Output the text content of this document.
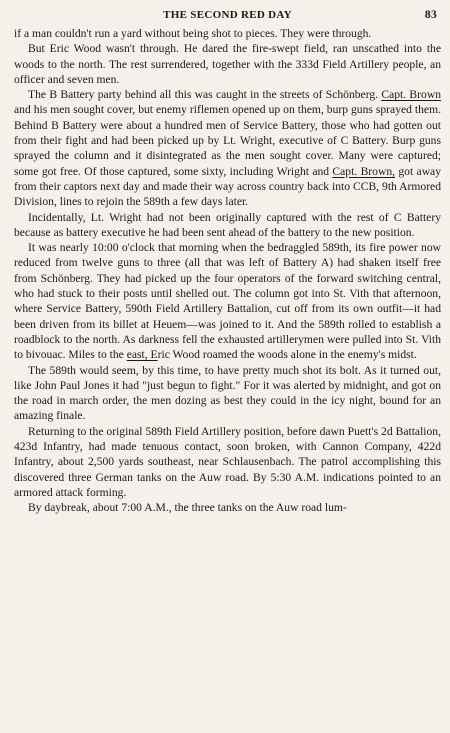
THE SECOND RED DAY	83

if a man couldn't run a yard without being shot to pieces. They were through.

But Eric Wood wasn't through. He dared the fire-swept field, ran unscathed into the woods to the north. The rest surrendered, together with the 333d Field Artillery people, an officer and seven men.

The B Battery party behind all this was caught in the streets of Schönberg. Capt. Brown and his men sought cover, but enemy riflemen opened up on them, burp guns sprayed them. Behind B Battery were about a hundred men of Service Battery, those who had gotten out from their fight and had been picked up by Lt. Wright, executive of C Battery. Burp guns sprayed the column and it disintegrated as the men sought cover. Many were captured; some got free. Of those captured, some sixty, including Wright and Capt. Brown, got away from their captors next day and made their way across country back into CCB, 9th Armored Division, lines to rejoin the 589th a few days later.

Incidentally, Lt. Wright had not been originally captured with the rest of C Battery because as battery executive he had been sent ahead of the battery to the new position.

It was nearly 10:00 o'clock that morning when the bedraggled 589th, its fire power now reduced from twelve guns to three (all that was left of Battery A) had shaken itself free from Schönberg. They had picked up the four operators of the forward switching central, who had stuck to their posts until shelled out. The column got into St. Vith that afternoon, where Service Battery, 590th Field Artillery Battalion, cut off from its own outfit—it had been driven from its billet at Heuem—was joined to it. And the 589th rolled to establish a roadblock to the north. As darkness fell the exhausted artillerymen were pulled into St. Vith to bivouac. Miles to the east, Eric Wood roamed the woods alone in the enemy's midst.

The 589th would seem, by this time, to have pretty much shot its bolt. As it turned out, like John Paul Jones it had "just begun to fight." For it was alerted by midnight, and got on the road in march order, the men dozing as best they could in the icy night, bound for an amazing finale.

Returning to the original 589th Field Artillery position, before dawn Puett's 2d Battalion, 423d Infantry, had made tenuous contact, soon broken, with Cannon Company, 422d Infantry, about 2,500 yards southeast, near Schlausenbach. The patrol accomplishing this discovered three German tanks on the Auw road. By 5:30 A.M. indications pointed to an armored attack forming.

By daybreak, about 7:00 A.M., the three tanks on the Auw road lum-
